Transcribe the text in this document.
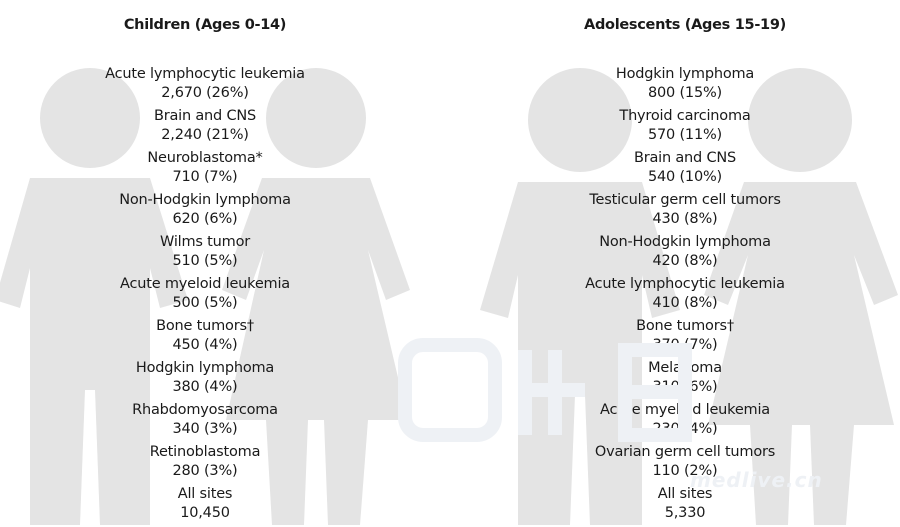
Children (Ages 0-14)
Acute lymphocytic leukemia
2,670 (26%)
Brain and CNS
2,240 (21%)
Neuroblastoma*
710 (7%)
Non-Hodgkin lymphoma
620 (6%)
Wilms tumor
510 (5%)
Acute myeloid leukemia
500 (5%)
Bone tumors†
450 (4%)
Hodgkin lymphoma
380 (4%)
Rhabdomyosarcoma
340 (3%)
Retinoblastoma
280 (3%)
All sites
10,450
Adolescents (Ages 15-19)
Hodgkin lymphoma
800 (15%)
Thyroid carcinoma
570 (11%)
Brain and CNS
540 (10%)
Testicular germ cell tumors
430 (8%)
Non-Hodgkin lymphoma
420 (8%)
Acute lymphocytic leukemia
410 (8%)
Bone tumors†
370 (7%)
Melanoma
310 (6%)
Acute myeloid leukemia
230 (4%)
Ovarian germ cell tumors
110 (2%)
All sites
5,330
medlive.cn
